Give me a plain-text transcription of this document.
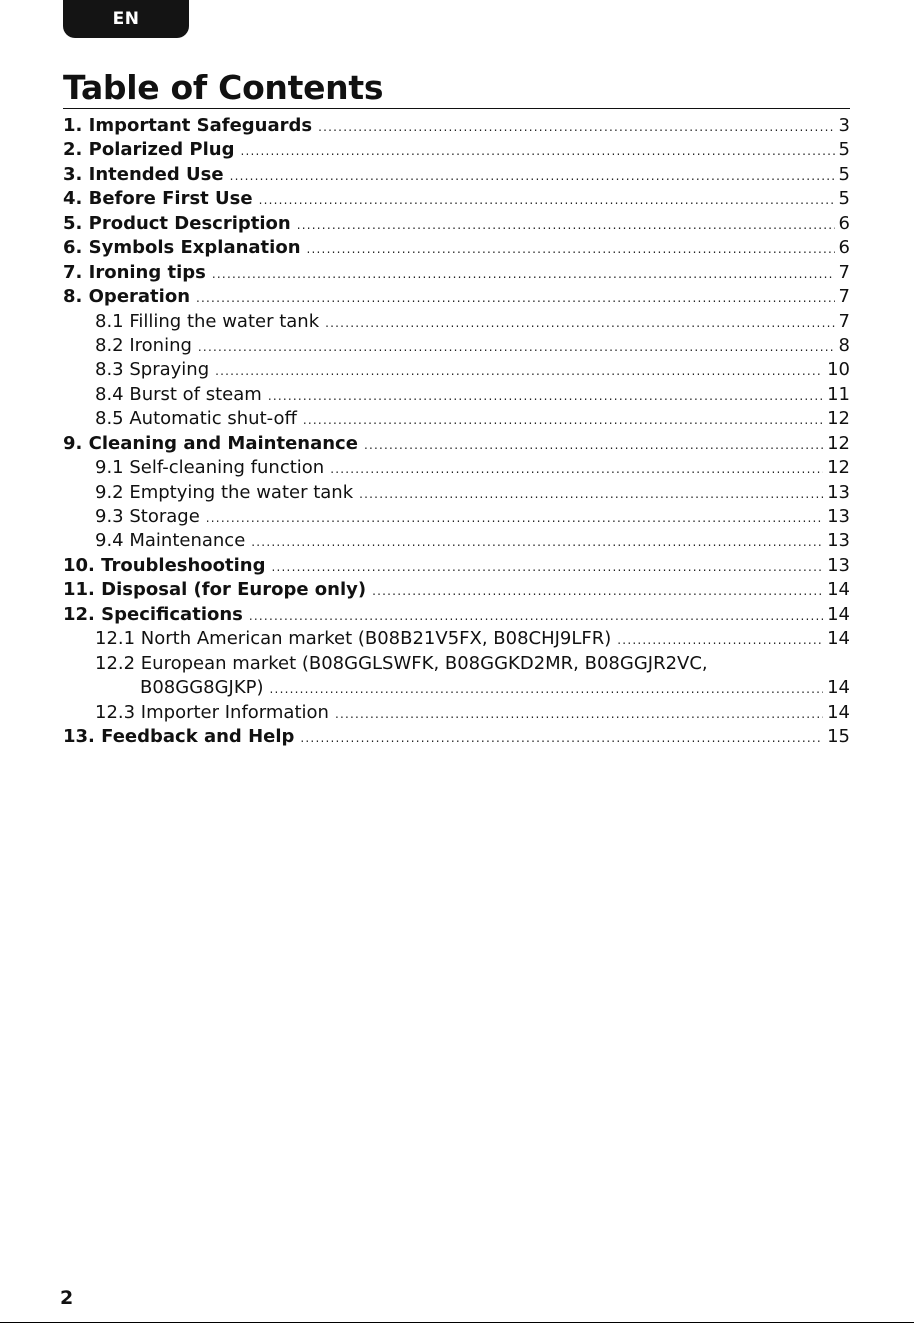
EN
Table of Contents
1. Important Safeguards .....	3
2. Polarized Plug .....	5
3. Intended Use .....	5
4. Before First Use .....	5
5. Product Description .....	6
6. Symbols Explanation .....	6
7. Ironing tips .....	7
8. Operation .....	7
8.1 Filling the water tank .....	7
8.2 Ironing .....	8
8.3 Spraying .....	10
8.4 Burst of steam .....	11
8.5 Automatic shut-off .....	12
9. Cleaning and Maintenance .....	12
9.1 Self-cleaning function .....	12
9.2 Emptying the water tank .....	13
9.3 Storage .....	13
9.4 Maintenance .....	13
10. Troubleshooting .....	13
11. Disposal (for Europe only) .....	14
12. Specifications .....	14
12.1 North American market (B08B21V5FX, B08CHJ9LFR) .....	14
12.2 European market (B08GGLSWFK, B08GGKD2MR, B08GGJR2VC,
B08GG8GJKP) .....	14
12.3 Importer Information .....	14
13. Feedback and Help .....	15
2
